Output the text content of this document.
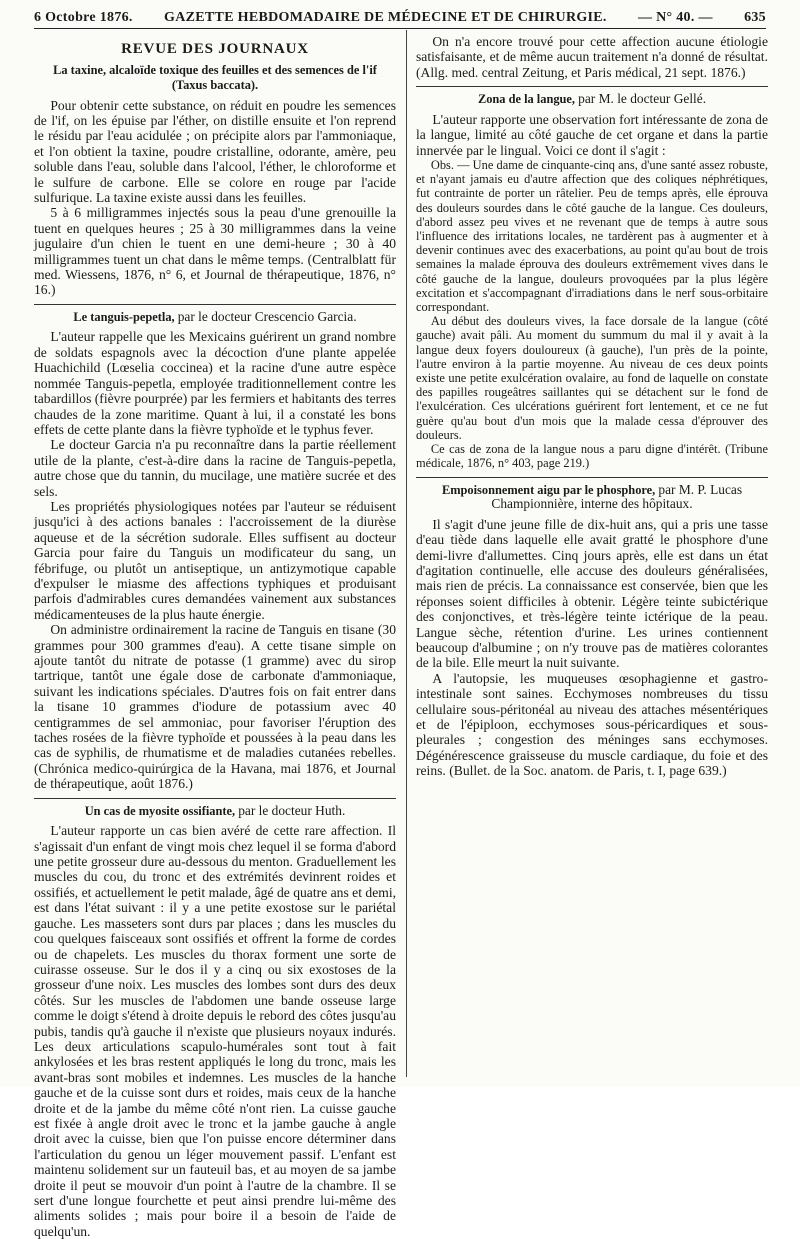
6 Octobre 1876. GAZETTE HEBDOMADAIRE DE MÉDECINE ET DE CHIRURGIE. — N° 40. — 635
REVUE DES JOURNAUX
La taxine, alcaloïde toxique des feuilles et des semences de l'if (Taxus baccata).

Pour obtenir cette substance, on réduit en poudre les semences de l'if, on les épuise par l'éther, on distille ensuite et l'on reprend le résidu par l'eau acidulée ; on précipite alors par l'ammoniaque, et l'on obtient la taxine, poudre cristalline, odorante, amère, peu soluble dans l'eau, soluble dans l'alcool, l'éther, le chloroforme et le sulfure de carbone. Elle se colore en rouge par l'acide sulfurique. La taxine existe aussi dans les feuilles.

5 à 6 milligrammes injectés sous la peau d'une grenouille la tuent en quelques heures ; 25 à 30 milligrammes dans la veine jugulaire d'un chien le tuent en une demi-heure ; 30 à 40 milligrammes tuent un chat dans le même temps. (Centralblatt für med. Wiessens, 1876, n° 6, et Journal de thérapeutique, 1876, n° 16.)

Le tanguis-pepetla, par le docteur Crescencio Garcia.

L'auteur rappelle que les Mexicains guérirent un grand nombre de soldats espagnols avec la décoction d'une plante appelée Huachichild (Lœselia coccinea) et la racine d'une autre espèce nommée Tanguis-pepetla, employée traditionnellement contre les tabardillos (fièvre pourprée) par les fermiers et habitants des terres chaudes de la zone maritime. Quant à lui, il a constaté les bons effets de cette plante dans la fièvre typhoïde et le typhus fever.

Le docteur Garcia n'a pu reconnaître dans la partie réellement utile de la plante, c'est-à-dire dans la racine de Tanguis-pepetla, autre chose que du tannin, du mucilage, une matière sucrée et des sels.

Les propriétés physiologiques notées par l'auteur se réduisent jusqu'ici à des actions banales : l'accroissement de la diurèse aqueuse et de la sécrétion sudorale. Elles suffisent au docteur Garcia pour faire du Tanguis un modificateur du sang, un fébrifuge, ou plutôt un antiseptique, un antizymotique capable d'expulser le miasme des affections typhiques et produisant parfois d'admirables cures demandées vainement aux substances médicamenteuses de la plus haute énergie.

On administre ordinairement la racine de Tanguis en tisane (30 grammes pour 300 grammes d'eau). A cette tisane simple on ajoute tantôt du nitrate de potasse (1 gramme) avec du sirop tartrique, tantôt une égale dose de carbonate d'ammoniaque, suivant les indications spéciales. D'autres fois on fait entrer dans la tisane 10 grammes d'iodure de potassium avec 40 centigrammes de sel ammoniac, pour favoriser l'éruption des taches rosées de la fièvre typhoïde et poussées à la peau dans les cas de syphilis, de rhumatisme et de maladies cutanées rebelles. (Chrónica medico-quirúrgica de la Havana, mai 1876, et Journal de thérapeutique, août 1876.)

Un cas de myosite ossifiante, par le docteur Huth.

L'auteur rapporte un cas bien avéré de cette rare affection. Il s'agissait d'un enfant de vingt mois chez lequel il se forma d'abord une petite grosseur dure au-dessous du menton. Graduellement les muscles du cou, du tronc et des extrémités devinrent roides et ossifiés, et actuellement le petit malade, âgé de quatre ans et demi, est dans l'état suivant : il y a une petite exostose sur le pariétal gauche. Les masseters sont durs par places ; dans les muscles du cou quelques faisceaux sont ossifiés et offrent la forme de cordes ou de chapelets. Les muscles du thorax forment une sorte de cuirasse osseuse. Sur le dos il y a cinq ou six exostoses de la grosseur d'une noix. Les muscles des lombes sont durs des deux côtés. Sur les muscles de l'abdomen une bande osseuse large comme le doigt s'étend à droite depuis le rebord des côtes jusqu'au pubis, tandis qu'à gauche il n'existe que plusieurs noyaux indurés. Les deux articulations scapulo-humérales sont tout à fait ankylosées et les bras restent appliqués le long du tronc, mais les avant-bras sont mobiles et indemnes. Les muscles de la hanche gauche et de la cuisse sont durs et roides, mais ceux de la hanche droite et de la jambe du même côté n'ont rien. La cuisse gauche est fixée à angle droit avec le tronc et la jambe gauche à angle droit avec la cuisse, bien que l'on puisse encore déterminer dans l'articulation du genou un léger mouvement passif. L'enfant est maintenu solidement sur un fauteuil bas, et au moyen de sa jambe droite il peut se mouvoir d'un point à l'autre de la chambre. Il se sert d'une longue fourchette et peut ainsi prendre lui-même des aliments solides ; mais pour boire il a besoin de l'aide de quelqu'un.

On n'a encore trouvé pour cette affection aucune étiologie satisfaisante, et de même aucun traitement n'a donné de résultat. (Allg. med. central Zeitung, et Paris médical, 21 sept. 1876.)

Zona de la langue, par M. le docteur Gellé.

L'auteur rapporte une observation fort intéressante de zona de la langue, limité au côté gauche de cet organe et dans la partie innervée par le lingual. Voici ce dont il s'agit :

Obs. — Une dame de cinquante-cinq ans, d'une santé assez robuste, et n'ayant jamais eu d'autre affection que des coliques néphrétiques, fut contrainte de porter un râtelier. Peu de temps après, elle éprouva des douleurs sourdes dans le côté gauche de la langue. Ces douleurs, d'abord assez peu vives et ne revenant que de temps à autre sous l'influence des irritations locales, ne tardèrent pas à augmenter et à devenir continues avec des exacerbations, au point qu'au bout de trois semaines la malade éprouva des douleurs extrêmement vives dans le côté gauche de la langue, douleurs provoquées par la plus légère excitation et s'accompagnant d'irradiations dans le nerf sous-orbitaire correspondant.

Au début des douleurs vives, la face dorsale de la langue (côté gauche) avait pâli. Au moment du summum du mal il y avait à la langue deux foyers douloureux (à gauche), l'un près de la pointe, l'autre environ à la partie moyenne. Au niveau de ces deux points existe une petite exulcération ovalaire, au fond de laquelle on constate des papilles rougeâtres saillantes qui se détachent sur le fond de l'exulcération. Ces ulcérations guérirent fort lentement, et ce ne fut guère qu'au bout d'un mois que la malade cessa d'éprouver des douleurs.

Ce cas de zona de la langue nous a paru digne d'intérêt. (Tribune médicale, 1876, n° 403, page 219.)

Empoisonnement aigu par le phosphore, par M. P. Lucas Championnière, interne des hôpitaux.

Il s'agit d'une jeune fille de dix-huit ans, qui a pris une tasse d'eau tiède dans laquelle elle avait gratté le phosphore d'une demi-livre d'allumettes. Cinq jours après, elle est dans un état d'agitation continuelle, elle accuse des douleurs généralisées, mais rien de précis. La connaissance est conservée, bien que les réponses soient difficiles à obtenir. Légère teinte subictérique des conjonctives, et très-légère teinte ictérique de la peau. Langue sèche, rétention d'urine. Les urines contiennent beaucoup d'albumine ; on n'y trouve pas de matières colorantes de la bile. Elle meurt la nuit suivante.

A l'autopsie, les muqueuses œsophagienne et gastro-intestinale sont saines. Ecchymoses nombreuses du tissu cellulaire sous-péritonéal au niveau des attaches mésentériques et de l'épiploon, ecchymoses sous-péricardiques et sous-pleurales ; congestion des méninges sans ecchymoses. Dégénérescence graisseuse du muscle cardiaque, du foie et des reins. (Bullet. de la Soc. anatom. de Paris, t. I, page 639.)
